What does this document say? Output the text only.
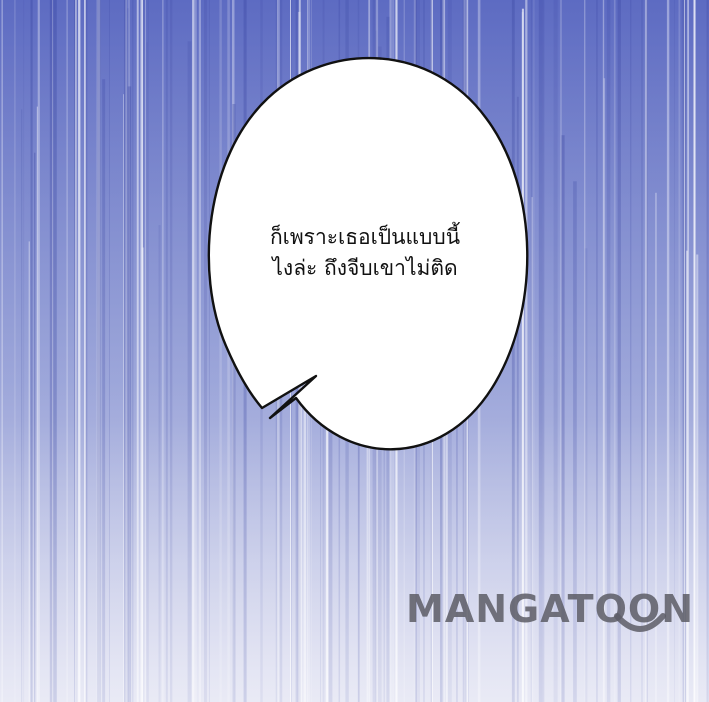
ก็เพราะเธอเป็นแบบนี้
ไงล่ะ ถึงจีบเขาไม่ติด
MANGATOON
